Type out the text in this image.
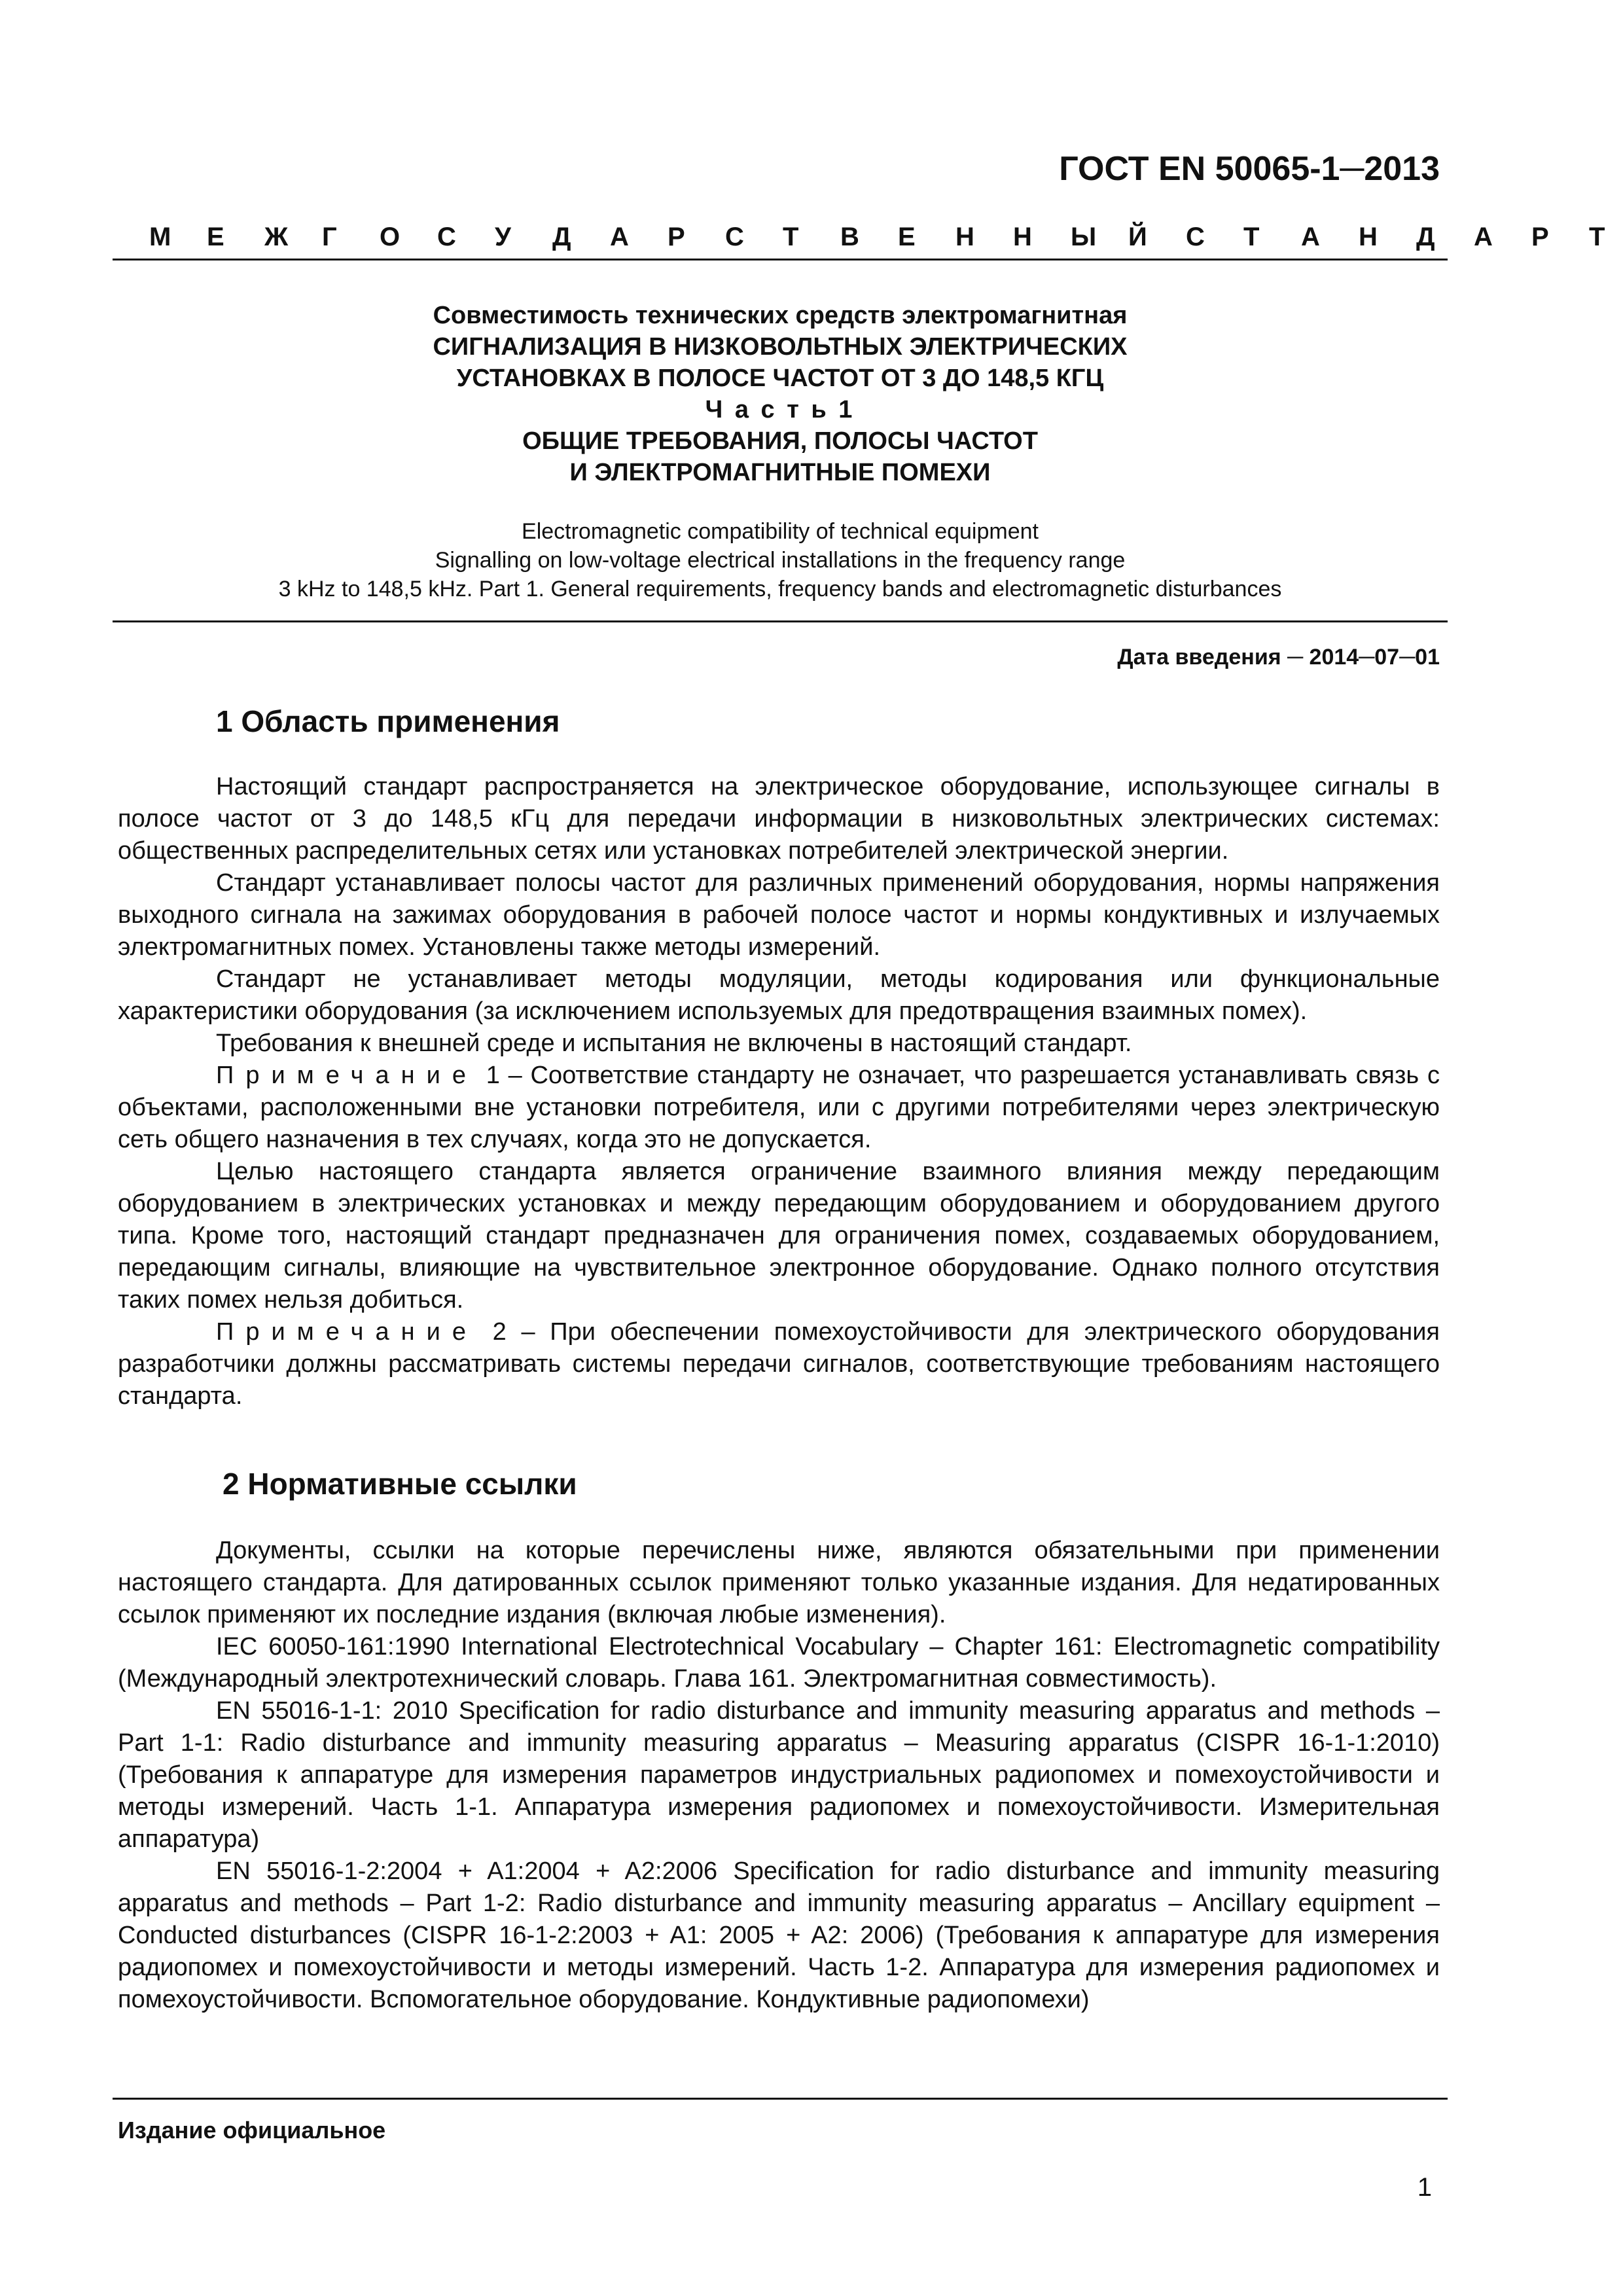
ГОСТ EN 50065-1─2013
М	Е	Ж	Г	О	С	У	Д	А	Р	С	Т	В	Е	Н	Н	Ы	Й	С	Т	А	Н	Д	А	Р	Т
Совместимость технических средств электромагнитная
СИГНАЛИЗАЦИЯ В НИЗКОВОЛЬТНЫХ ЭЛЕКТРИЧЕСКИХ
УСТАНОВКАХ В ПОЛОСЕ ЧАСТОТ ОТ 3 ДО 148,5 КГЦ
Ч а с т ь 1
ОБЩИЕ ТРЕБОВАНИЯ, ПОЛОСЫ ЧАСТОТ
И ЭЛЕКТРОМАГНИТНЫЕ ПОМЕХИ
Electromagnetic compatibility of technical equipment
Signalling on low-voltage electrical installations in the frequency range
3 kHz to 148,5 kHz. Part 1. General requirements, frequency bands and electromagnetic disturbances
Дата введения ─ 2014─07─01
1 Область применения

Настоящий стандарт распространяется на электрическое оборудование, использующее сигналы в полосе частот от 3 до 148,5 кГц для передачи информации в низковольтных электрических системах: общественных распределительных сетях или установках потребителей электрической энергии.

Стандарт устанавливает полосы частот для различных применений оборудования, нормы напряжения выходного сигнала на зажимах оборудования в рабочей полосе частот и нормы кондуктивных и излучаемых электромагнитных помех. Установлены также методы измерений.

Стандарт не устанавливает методы модуляции, методы кодирования или функциональные характеристики оборудования (за исключением используемых для предотвращения взаимных помех).

Требования к внешней среде и испытания не включены в настоящий стандарт.

Примечание 1 – Соответствие стандарту не означает, что разрешается устанавливать связь с объектами, расположенными вне установки потребителя, или с другими потребителями через электрическую сеть общего назначения в тех случаях, когда это не допускается.

Целью настоящего стандарта является ограничение взаимного влияния между передающим оборудованием в электрических установках и между передающим оборудованием и оборудованием другого типа. Кроме того, настоящий стандарт предназначен для ограничения помех, создаваемых оборудованием, передающим сигналы, влияющие на чувствительное электронное оборудование. Однако полного отсутствия таких помех нельзя добиться.

Примечание 2 – При обеспечении помехоустойчивости для электрического оборудования разработчики должны рассматривать системы передачи сигналов, соответствующие требованиям настоящего стандарта.

2 Нормативные ссылки

Документы, ссылки на которые перечислены ниже, являются обязательными при применении настоящего стандарта. Для датированных ссылок применяют только указанные издания. Для недатированных ссылок применяют их последние издания (включая любые изменения).

IEC 60050-161:1990 International Electrotechnical Vocabulary – Chapter 161: Electromagnetic compatibility (Международный электротехнический словарь. Глава 161. Электромагнитная совместимость).

EN 55016-1-1: 2010 Specification for radio disturbance and immunity measuring apparatus and methods – Part 1-1: Radio disturbance and immunity measuring apparatus – Measuring apparatus (CISPR 16-1-1:2010) (Требования к аппаратуре для измерения параметров индустриальных радиопомех и помехоустойчивости и методы измерений. Часть 1-1. Аппаратура измерения радиопомех и помехоустойчивости. Измерительная аппаратура)

EN 55016-1-2:2004 + A1:2004 + A2:2006 Specification for radio disturbance and immunity measuring apparatus and methods – Part 1-2: Radio disturbance and immunity measuring apparatus – Ancillary equipment – Conducted disturbances (CISPR 16-1-2:2003 + A1: 2005 + A2: 2006) (Требования к аппаратуре для измерения радиопомех и помехоустойчивости и методы измерений. Часть 1-2. Аппаратура для измерения радиопомех и помехоустойчивости. Вспомогательное оборудование. Кондуктивные радиопомехи)

Издание официальное
1
